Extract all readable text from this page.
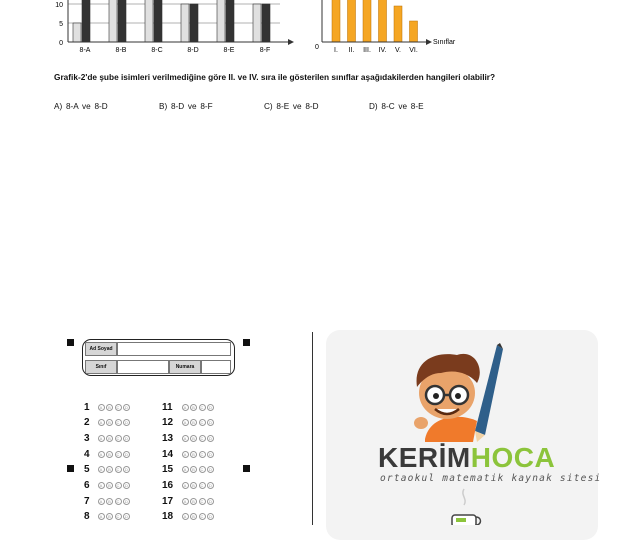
0
5
10
8-A	8-B	8-C	8-D	8-E	8-F	0
Sınıflar
I. II. III. IV. V. VI.
Grafik-2'de şube isimleri verilmediğine göre II. ve IV. sıra ile gösterilen sınıflar aşağıdakilerden hangileri olabilir?
A) 8-A ve 8-D	B) 8-D ve 8-F	C) 8-E ve 8-D	D) 8-C ve 8-E
Ad Soyad
Sınıf	Numara
1	A	B	C	D
2	A	B	C	D
3	A	B	C	D
4	A	B	C	D
5	A	B	C	D
6	A	B	C	D
7	A	B	C	D
8	A	B	C	D
11	A	B	C	D
12	A	B	C	D
13	A	B	C	D
14	A	B	C	D
15	A	B	C	D
16	A	B	C	D
17	A	B	C	D
18	A	B	C	D
KERİMHOCA
ortaokul matematik kaynak sitesi
